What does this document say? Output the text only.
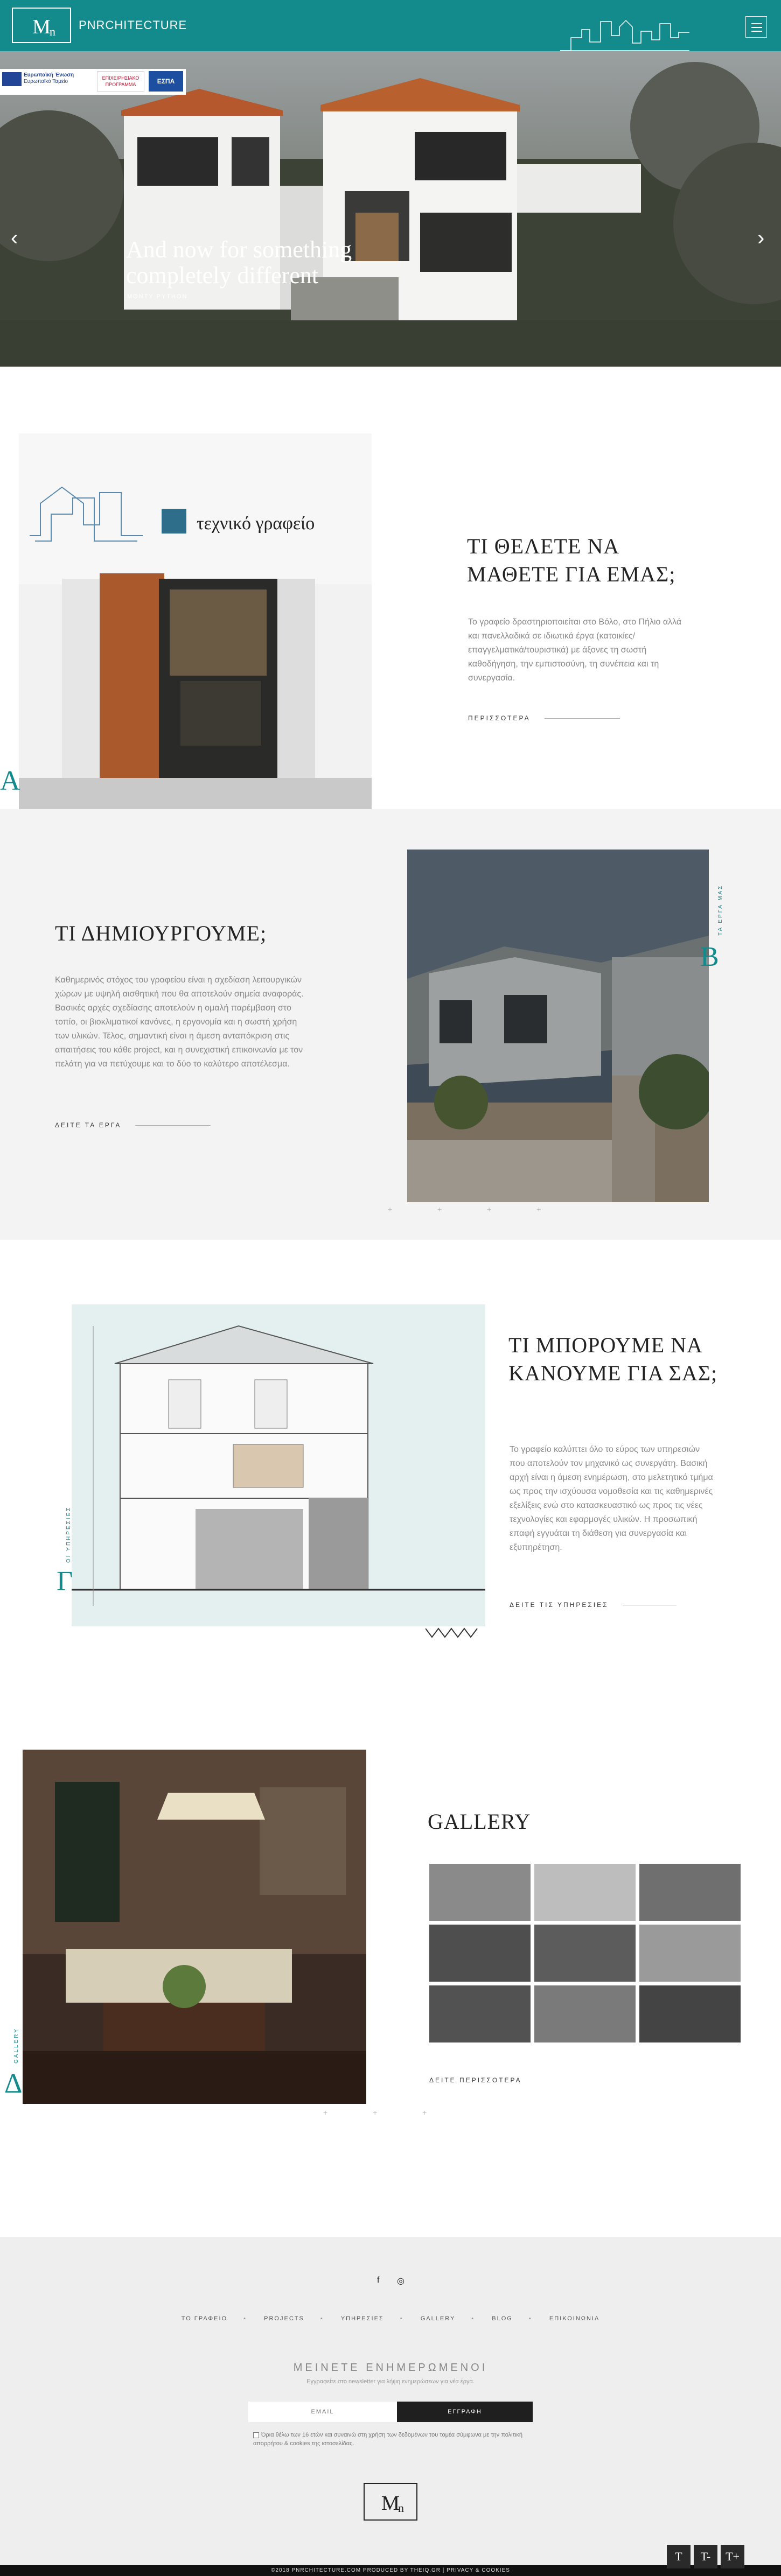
M
n PNRCHITECTURE
Ευρωπαϊκή Ένωση
Ευρωπαϊκό Ταμείο
ΕΠΙΧΕΙΡΗΣΙΑΚΟ
ΠΡΟΓΡΑΜΜΑ	ΕΣΠΑ
‹	›
And now for something
completely different
MONTY PYTHON
τεχνικό γραφείο
Α
ΤΙ ΘΕΛΕΤΕ ΝΑ ΜΑΘΕΤΕ ΓΙΑ ΕΜΑΣ;
Το γραφείο δραστηριοποιείται στο Βόλο, στο Πήλιο αλλά και πανελλαδικά σε ιδιωτικά έργα (κατοικίες/ επαγγελματικά/τουριστικά) με άξονες τη σωστή καθοδήγηση, την εμπιστοσύνη, τη συνέπεια και τη συνεργασία.
ΠΕΡΙΣΣΟΤΕΡΑ
Β
ΤΑ ΕΡΓΑ ΜΑΣ
+ + + +
ΤΙ ΔΗΜΙΟΥΡΓΟΥΜΕ;
Καθημερινός στόχος του γραφείου είναι η σχεδίαση λειτουργικών χώρων με υψηλή αισθητική που θα αποτελούν σημεία αναφοράς. Βασικές αρχές σχεδίασης αποτελούν η ομαλή παρέμβαση στο τοπίο, οι βιοκλιματικοί κανόνες, η εργονομία και η σωστή χρήση των υλικών. Τέλος, σημαντική είναι η άμεση ανταπόκριση στις απαιτήσεις του κάθε project, και η συνεχιστική επικοινωνία με τον πελάτη για να πετύχουμε και το δύο το καλύτερο αποτέλεσμα.
ΔΕΙΤΕ ΤΑ ΕΡΓΑ
Γ
ΟΙ ΥΠΗΡΕΣΙΕΣ
ΤΙ ΜΠΟΡΟΥΜΕ ΝΑ ΚΑΝΟΥΜΕ ΓΙΑ ΣΑΣ;
Το γραφείο καλύπτει όλο το εύρος των υπηρεσιών που αποτελούν τον μηχανικό ως συνεργάτη. Βασική αρχή είναι η άμεση ενημέρωση, στο μελετητικό τμήμα ως προς την ισχύουσα νομοθεσία και τις καθημερινές εξελίξεις ενώ στο κατασκευαστικό ως προς τις νέες τεχνολογίες και εφαρμογές υλικών. Η προσωπική επαφή εγγυάται τη διάθεση για συνεργασία και εξυπηρέτηση.
ΔΕΙΤΕ ΤΙΣ ΥΠΗΡΕΣΙΕΣ
Δ
GALLERY
+ + +
GALLERY
ΔΕΙΤΕ ΠΕΡΙΣΣΟΤΕΡΑ
f ◎
ΤΟ ΓΡΑΦΕΙΟ	• PROJECTS	• ΥΠΗΡΕΣΙΕΣ	• GALLERY	• BLOG	• ΕΠΙΚΟΙΝΩΝΙΑ
ΜΕΙΝΕΤΕ ΕΝΗΜΕΡΩΜΕΝΟΙ
Εγγραφείτε στο newsletter για λήψη ενημερώσεων για νέα έργα.
EMAIL
ΕΓΓΡΑΦΗ
Όρια θέλω των 16 ετών και συναινώ στη χρήση των δεδομένων του τομέα σύμφωνα με την πολιτική απορρήτου & cookies της ιστοσελίδας.
M
n
©2018 PNRCHITECTURE.COM PRODUCED BY THEIQ.GR | PRIVACY & COOKIES
T	T-	T+
